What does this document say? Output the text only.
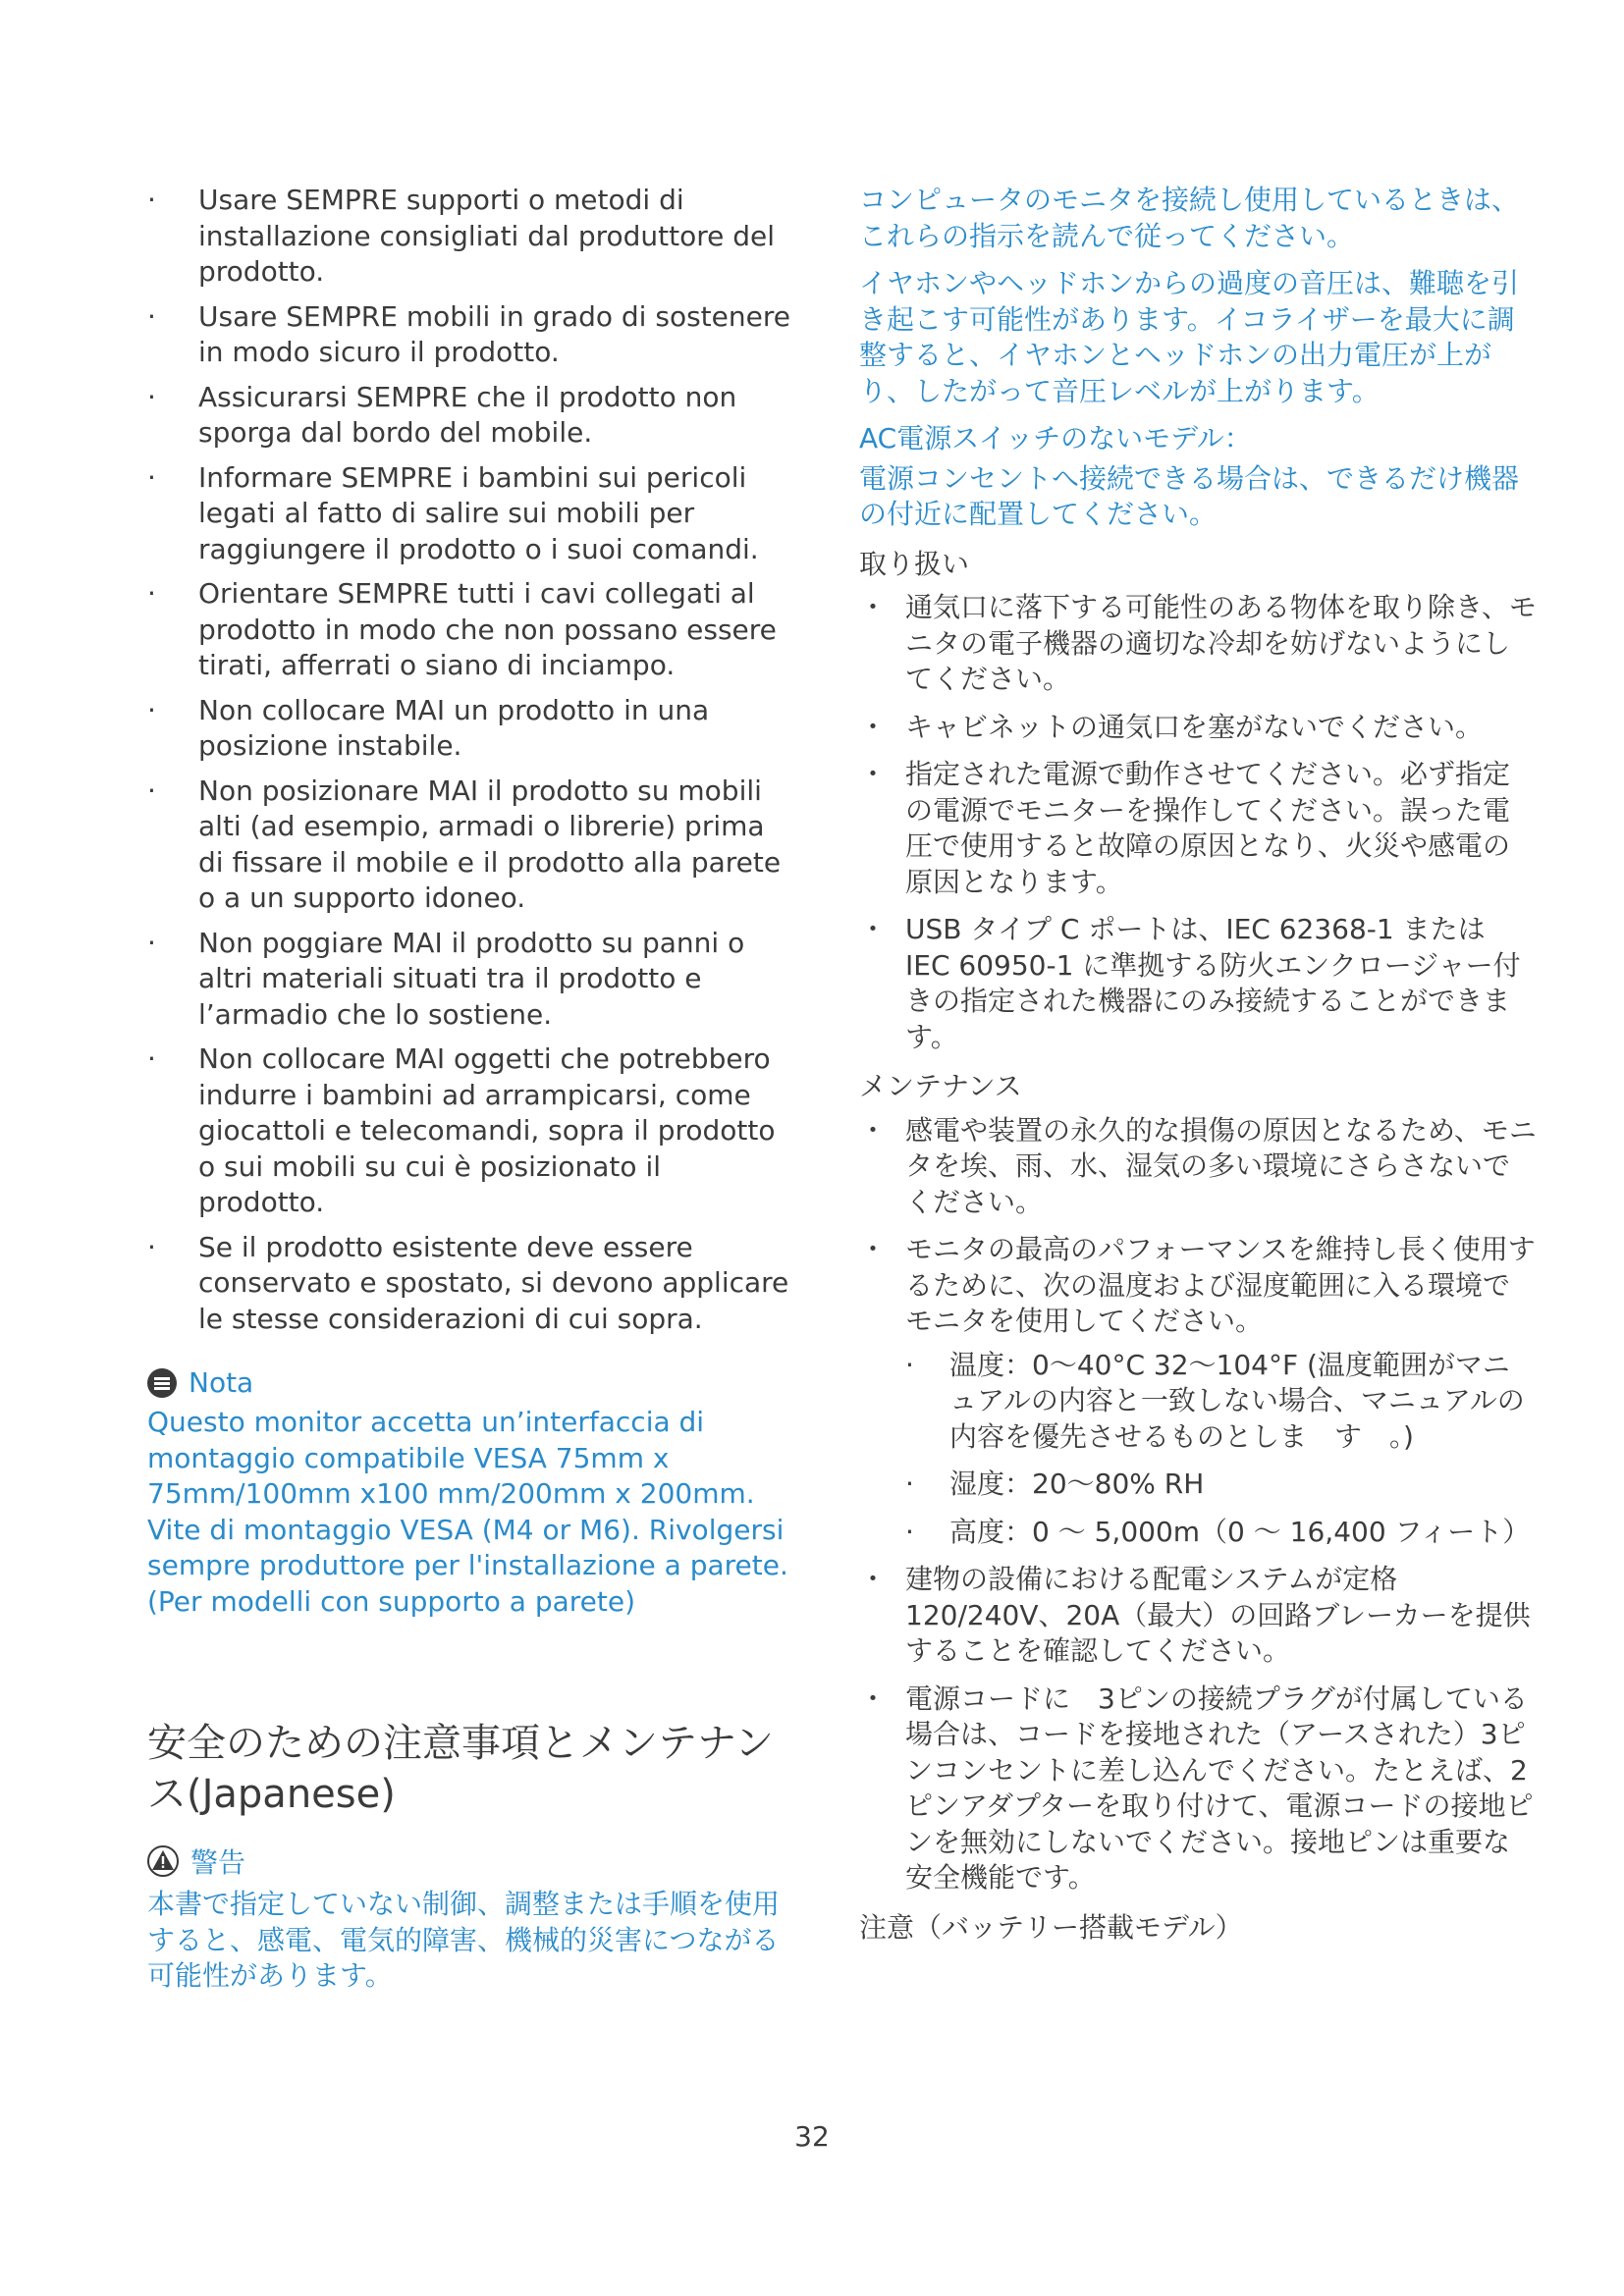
· Usare SEMPRE supporti o metodi di installazione consigliati dal produttore del prodotto.
· Usare SEMPRE mobili in grado di sostenere in modo sicuro il prodotto.
· Assicurarsi SEMPRE che il prodotto non sporga dal bordo del mobile.
· Informare SEMPRE i bambini sui pericoli legati al fatto di salire sui mobili per raggiungere il prodotto o i suoi comandi.
· Orientare SEMPRE tutti i cavi collegati al prodotto in modo che non possano essere tirati, afferrati o siano di inciampo.
· Non collocare MAI un prodotto in una posizione instabile.
· Non posizionare MAI il prodotto su mobili alti (ad esempio, armadi o librerie) prima di fissare il mobile e il prodotto alla parete o a un supporto idoneo.
· Non poggiare MAI il prodotto su panni o altri materiali situati tra il prodotto e l’armadio che lo sostiene.
· Non collocare MAI oggetti che potrebbero indurre i bambini ad arrampicarsi, come giocattoli e telecomandi, sopra il prodotto o sui mobili su cui è posizionato il prodotto.
· Se il prodotto esistente deve essere conservato e spostato, si devono applicare le stesse considerazioni di cui sopra.
Nota

Questo monitor accetta un’interfaccia di montaggio compatibile VESA 75mm x 75mm/100mm x100 mm/200mm x 200mm. Vite di montaggio VESA (M4 or M6). Rivolgersi sempre produttore per l'installazione a parete. (Per modelli con supporto a parete)

安全のための注意事項とメンテナンス(Japanese)
警告

本書で指定していない制御、調整または手順を使用すると、感電、電気的障害、機械的災害につながる可能性があります。

コンピュータのモニタを接続し使用しているときは、これらの指示を読んで従ってください。

イヤホンやヘッドホンからの過度の音圧は、難聴を引き起こす可能性があります。イコライザーを最大に調整すると、イヤホンとヘッドホンの出力電圧が上がり、したがって音圧レベルが上がります。

AC電源スイッチのないモデル：

電源コンセントへ接続できる場合は、できるだけ機器の付近に配置してください。

取り扱い
・ 通気口に落下する可能性のある物体を取り除き、モニタの電子機器の適切な冷却を妨げないようにしてください。
・ キャビネットの通気口を塞がないでください。
・ 指定された電源で動作させてください。必ず指定の電源でモニターを操作してください。誤った電圧で使用すると故障の原因となり、火災や感電の原因となります。
・ USB タイプ C ポートは、IEC 62368-1 または IEC 60950-1 に準拠する防火エンクロージャー付きの指定された機器にのみ接続することができます。
メンテナンス
・ 感電や装置の永久的な損傷の原因となるため、モニタを埃、雨、水、湿気の多い環境にさらさないでください。
・ モニタの最高のパフォーマンスを維持し長く使用するために、次の温度および湿度範囲に入る環境でモニタを使用してください。
· 温度：0～40°C 32～104°F (温度範囲がマニュアルの内容と一致しない場合、マニュアルの内容を優先させるものとしま　す　。)
· 湿度：20～80% RH
· 高度：0 ～ 5,000m（0 ～ 16,400 フィート）
・ 建物の設備における配電システムが定格120/240V、20A（最大）の回路ブレーカーを提供することを確認してください。
・ 電源コードに　3ピンの接続プラグが付属している場合は、コードを接地された（アースされた）3ピンコンセントに差し込んでください。たとえば、2ピンアダプターを取り付けて、電源コードの接地ピンを無効にしないでください。接地ピンは重要な安全機能です。
注意（バッテリー搭載モデル）
32
